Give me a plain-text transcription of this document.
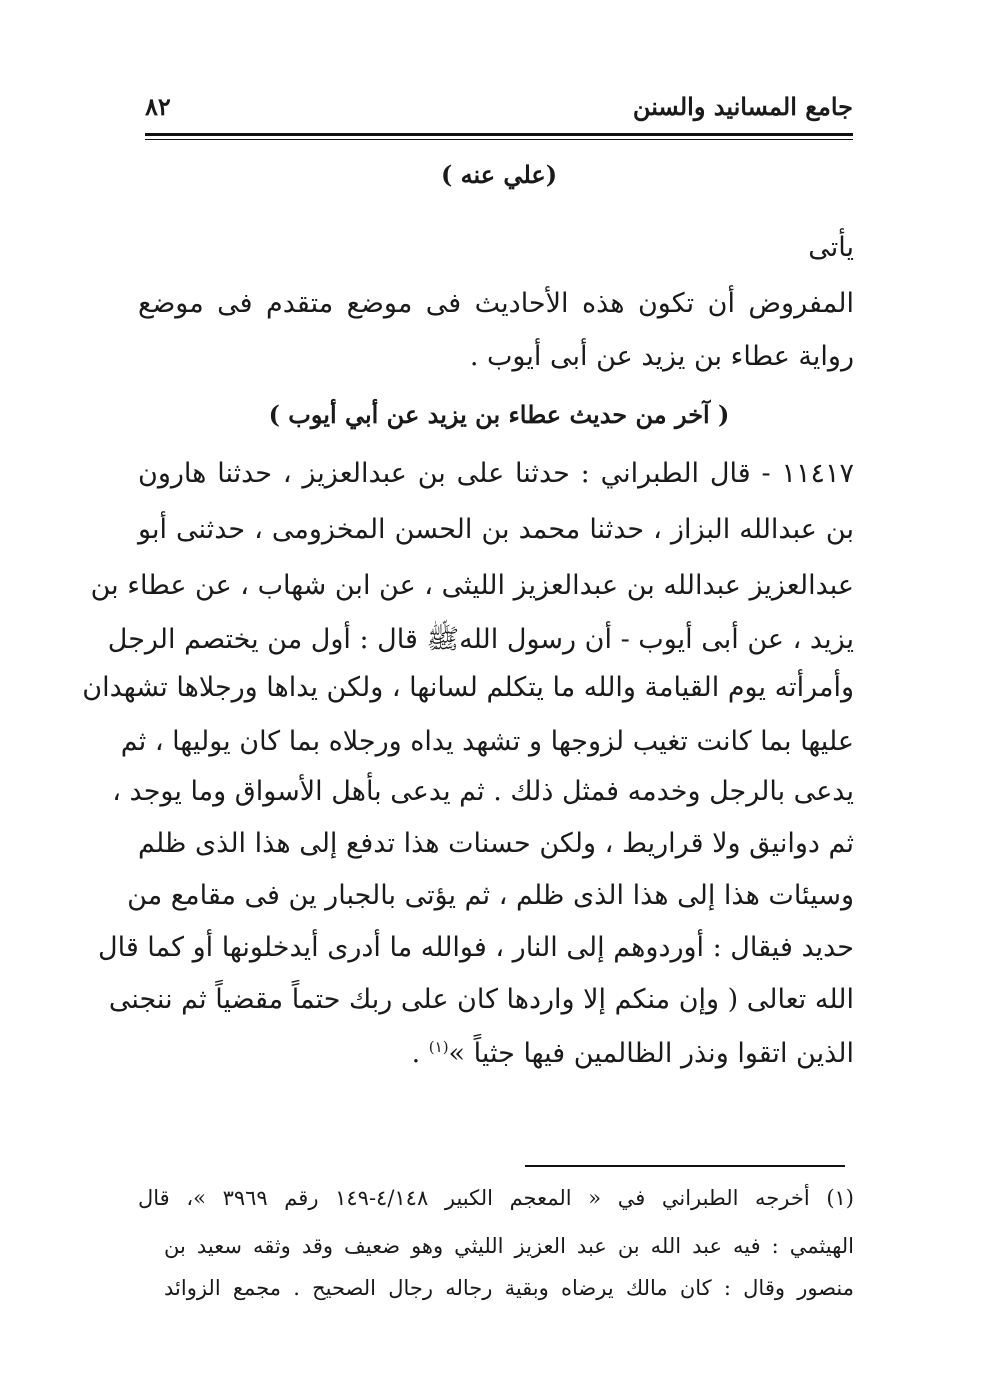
جامع المسانيد والسنن
٨٢
(علي عنه )
يأتى
المفروض أن تكون هذه الأحاديث فى موضع متقدم فى موضع
رواية عطاء بن يزيد عن أبى أيوب .
( آخر من حديث عطاء بن يزيد عن أبي أيوب )
١١٤١٧ - قال الطبراني : حدثنا على بن عبدالعزيز ، حدثنا هارون
بن عبدالله البزاز ، حدثنا محمد بن الحسن المخزومى ، حدثنى أبو
عبدالعزيز عبدالله بن عبدالعزيز الليثى ، عن ابن شهاب ، عن عطاء بن
يزيد ، عن أبى أيوب - أن رسول اللهﷺ قال : أول من يختصم الرجل
وأمرأته يوم القيامة والله ما يتكلم لسانها ، ولكن يداها ورجلاها تشهدان
عليها بما كانت تغيب لزوجها و تشهد يداه ورجلاه بما كان يوليها ، ثم
يدعى بالرجل وخدمه فمثل ذلك . ثم يدعى بأهل الأسواق وما يوجد ،
ثم دوانيق ولا قراريط ، ولكن حسنات هذا تدفع إلى هذا الذى ظلم
وسيئات هذا إلى هذا الذى ظلم ، ثم يؤتى بالجبار ين فى مقامع من
حديد فيقال : أوردوهم إلى النار ، فوالله ما أدرى أيدخلونها أو كما قال
الله تعالى ( وإن منكم إلا واردها كان على ربك حتماً مقضياً ثم ننجنى
الذين اتقوا ونذر الظالمين فيها جثياً »$^{(١)}$ .
(١) أخرجه الطبراني في « المعجم الكبير ٤/١٤٨-١٤٩ رقم ٣٩٦٩ »، قال
الهيثمي : فيه عبد الله بن عبد العزيز الليثي وهو ضعيف وقد وثقه سعيد بن
منصور وقال : كان مالك يرضاه وبقية رجاله رجال الصحيح . مجمع الزوائد
